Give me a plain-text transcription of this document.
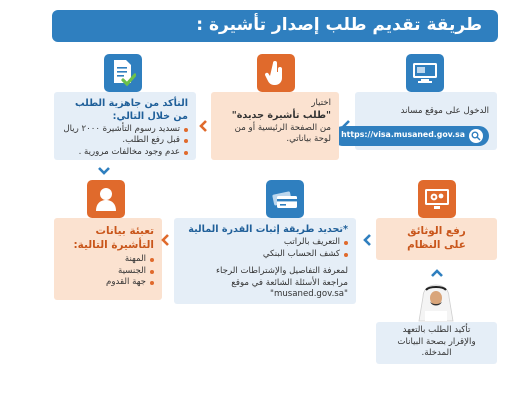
طريقة تقديم طلب إصدار تأشيرة :
الدخول على موقع مساند
https://visa.musaned.gov.sa
اختيار
"طلب تأشيرة جديدة"
من الصفحة الرئيسية أو من
لوحة بياناتي.
التأكد من جاهزية الطلب
من خلال التالي:
تسديد رسوم التأشيرة ٢٠٠٠ ريال
قبل رفع الطلب.
عدم وجود مخالفات مرورية .
تعبئة بيانات
التأشيرة التالية:
المهنة
الجنسية
جهة القدوم
*تحديد طريقة إثبات القدرة المالية
التعريف بالراتب
كشف الحساب البنكي
لمعرفة التفاصيل والإشتراطات الرجاء
مراجعة الأسئلة الشائعة في موقع
"musaned.gov.sa"
رفع الوثائق
على النظام
تأكيد الطلب بالتعهد
والإقرار بصحة البيانات
المدخلة.
